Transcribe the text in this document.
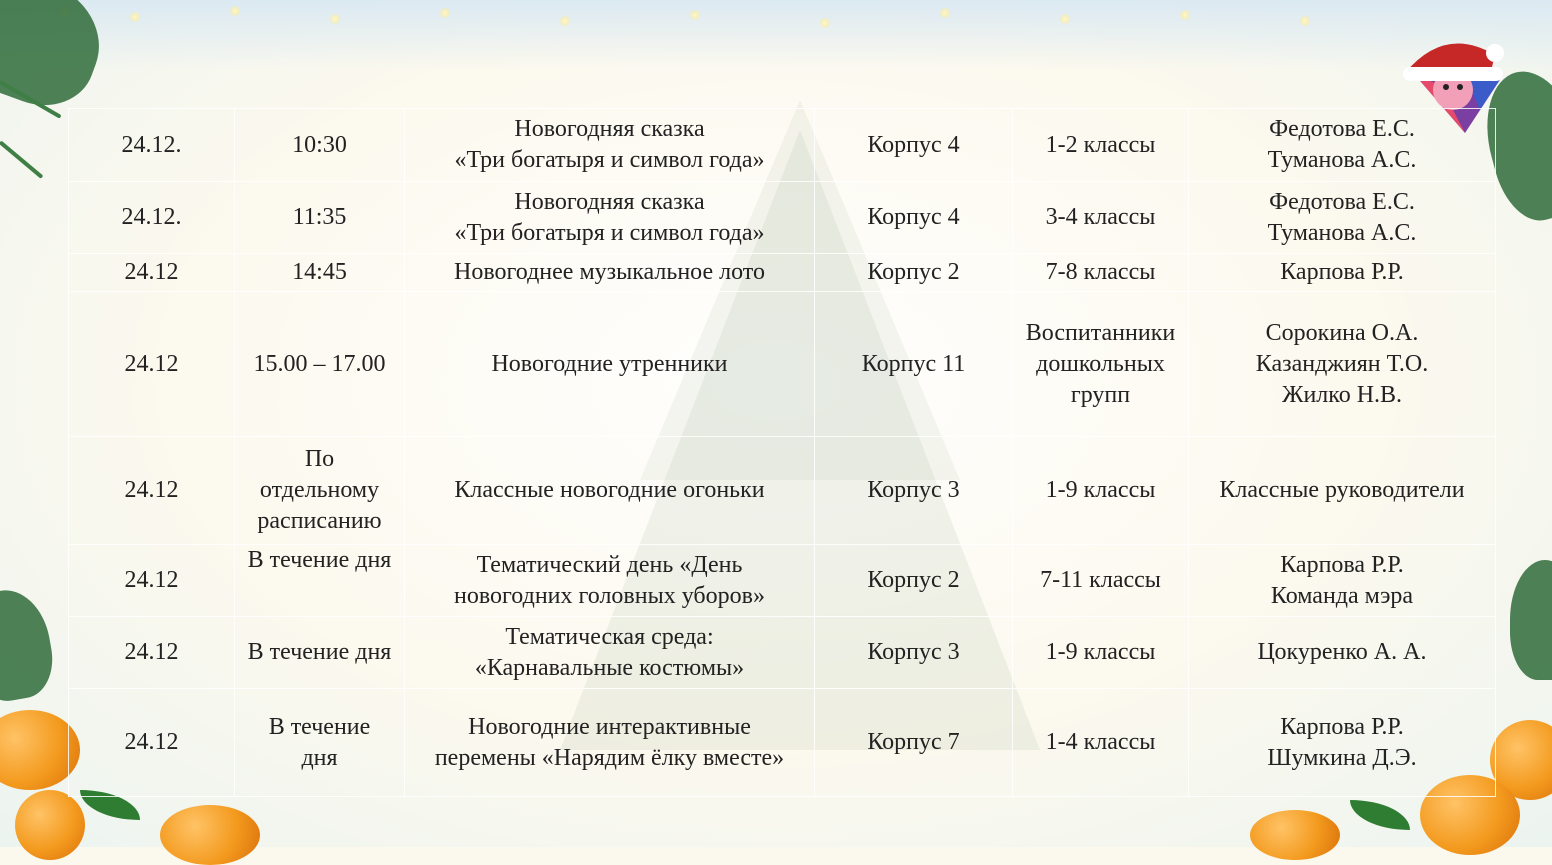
24.12.	10:30	Новогодняя сказка
«Три богатыря и символ года»	Корпус 4	1-2 классы	Федотова Е.С.
Туманова А.С.
24.12.	11:35	Новогодняя сказка
«Три богатыря и символ года»	Корпус 4	3-4 классы	Федотова Е.С.
Туманова А.С.
24.12	14:45	Новогоднее музыкальное лото	Корпус 2	7-8 классы	Карпова Р.Р.
24.12	15.00 – 17.00	Новогодние утренники	Корпус 11	Воспитанники
дошкольных
групп	Сорокина О.А.
Казанджиян Т.О.
Жилко Н.В.
24.12	По
отдельному
расписанию	Классные новогодние огоньки	Корпус 3	1-9 классы	Классные руководители
24.12	В течение дня	Тематический день «День
новогодних головных уборов»	Корпус 2	7-11 классы	Карпова Р.Р.
Команда мэра
24.12	В течение дня	Тематическая среда:
«Карнавальные костюмы»	Корпус 3	1-9 классы	Цокуренко А. А.
24.12	В течение
дня	Новогодние интерактивные
перемены «Нарядим ёлку вместе»	Корпус 7	1-4 классы	Карпова Р.Р.
Шумкина Д.Э.
